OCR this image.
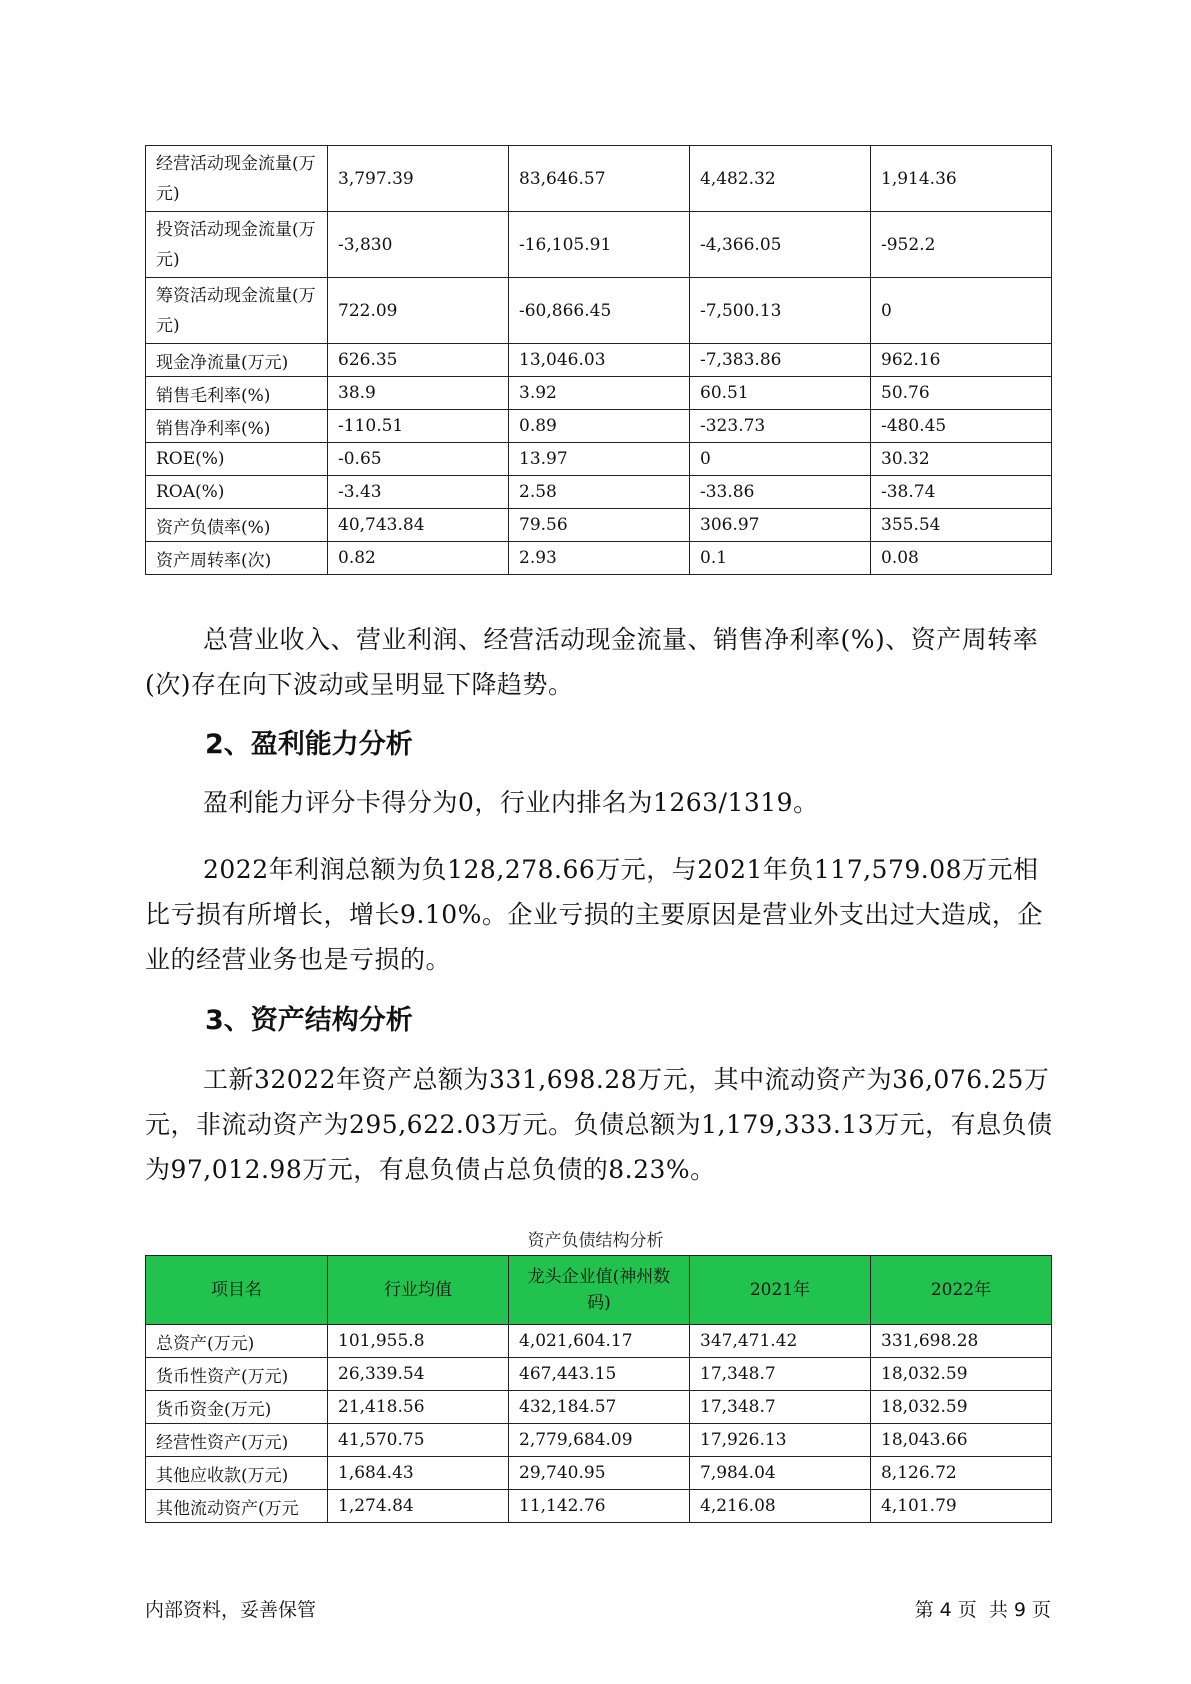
经营活动现金流量(万元)	3,797.39	83,646.57	4,482.32	1,914.36
投资活动现金流量(万元)	-3,830	-16,105.91	-4,366.05	-952.2
筹资活动现金流量(万元)	722.09	-60,866.45	-7,500.13	0
现金净流量(万元)	626.35	13,046.03	-7,383.86	962.16
销售毛利率(%)	38.9	3.92	60.51	50.76
销售净利率(%)	-110.51	0.89	-323.73	-480.45
ROE(%)	-0.65	13.97	0	30.32
ROA(%)	-3.43	2.58	-33.86	-38.74
资产负债率(%)	40,743.84	79.56	306.97	355.54
资产周转率(次)	0.82	2.93	0.1	0.08

总营业收入、营业利润、经营活动现金流量、销售净利率(%)、资产周转率(次)存在向下波动或呈明显下降趋势。

2、盈利能力分析

盈利能力评分卡得分为0，行业内排名为1263/1319。

2022年利润总额为负128,278.66万元，与2021年负117,579.08万元相比亏损有所增长，增长9.10%。企业亏损的主要原因是营业外支出过大造成，企业的经营业务也是亏损的。

3、资产结构分析

工新32022年资产总额为331,698.28万元，其中流动资产为36,076.25万元，非流动资产为295,622.03万元。负债总额为1,179,333.13万元，有息负债为97,012.98万元，有息负债占总负债的8.23%。

资产负债结构分析
项目名	行业均值	龙头企业值(神州数码)	2021年	2022年
总资产(万元)	101,955.8	4,021,604.17	347,471.42	331,698.28
货币性资产(万元)	26,339.54	467,443.15	17,348.7	18,032.59
货币资金(万元)	21,418.56	432,184.57	17,348.7	18,032.59
经营性资产(万元)	41,570.75	2,779,684.09	17,926.13	18,043.66
其他应收款(万元)	1,684.43	29,740.95	7,984.04	8,126.72
其他流动资产(万元	1,274.84	11,142.76	4,216.08	4,101.79
内部资料，妥善保管	第 4 页  共 9 页
